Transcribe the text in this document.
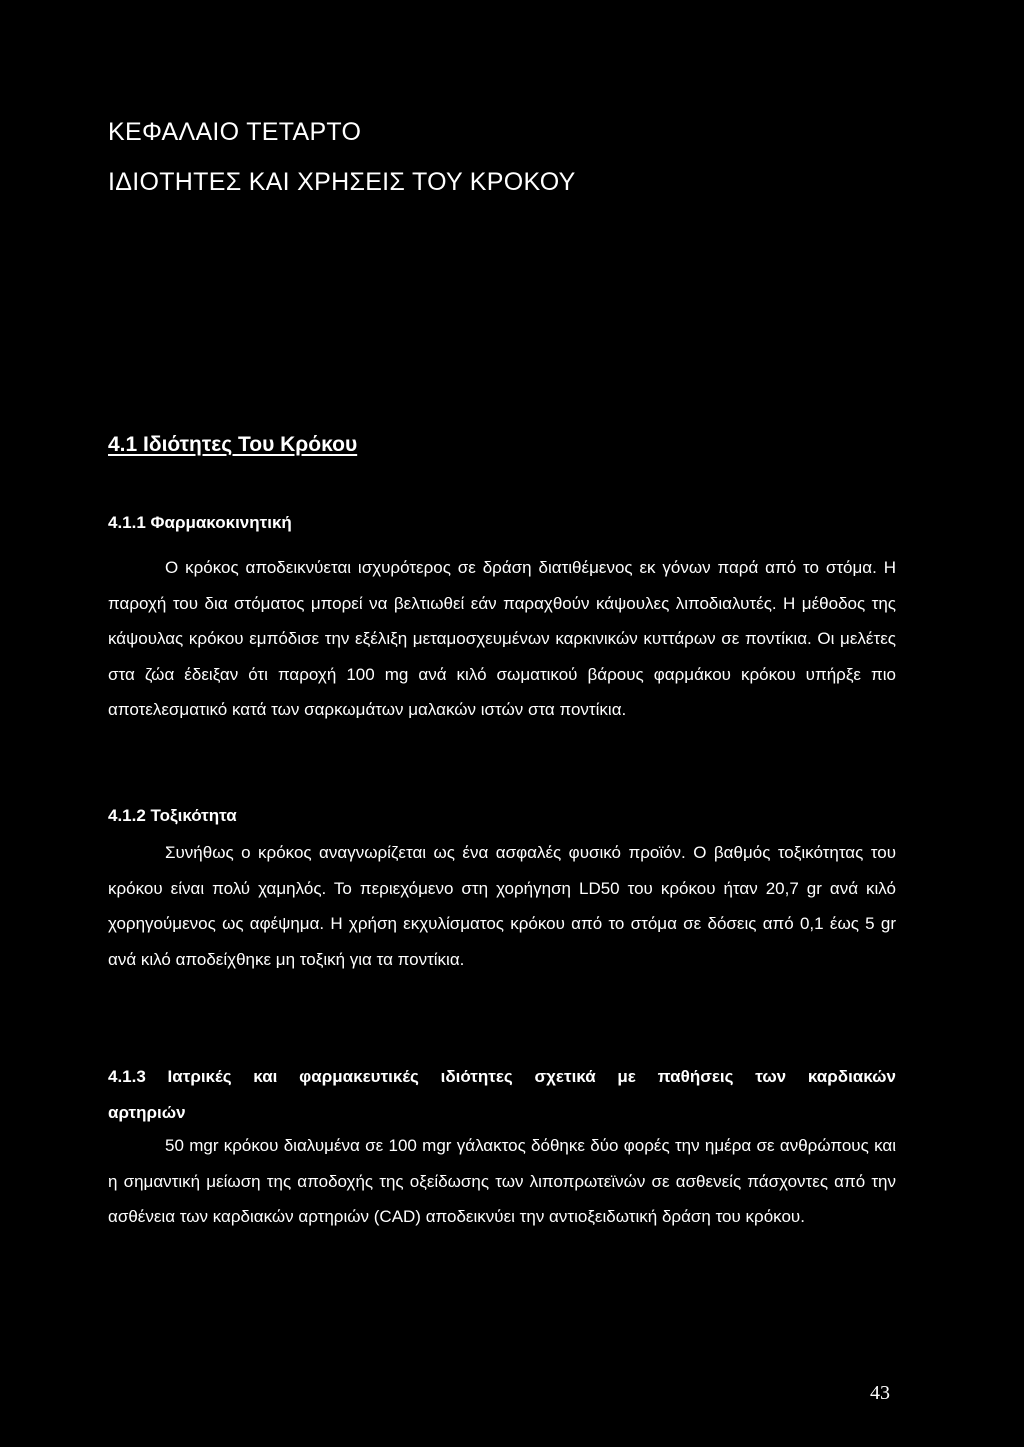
ΚΕΦΑΛΑΙΟ ΤΕΤΑΡΤΟ
ΙΔΙΟΤΗΤΕΣ ΚΑΙ ΧΡΗΣΕΙΣ ΤΟΥ ΚΡΟΚΟΥ
4.1 Ιδιότητες Του Κρόκου
4.1.1 Φαρμακοκινητική
Ο κρόκος αποδεικνύεται ισχυρότερος σε δράση διατιθέμενος εκ γόνων παρά από το στόμα. Η παροχή του δια στόματος μπορεί να βελτιωθεί εάν παραχθούν κάψουλες λιποδιαλυτές. Η μέθοδος της κάψουλας κρόκου εμπόδισε την εξέλιξη μεταμοσχευμένων καρκινικών κυττάρων σε ποντίκια. Οι μελέτες στα ζώα έδειξαν ότι παροχή 100 mg ανά κιλό σωματικού βάρους φαρμάκου κρόκου υπήρξε πιο αποτελεσματικό κατά των σαρκωμάτων μαλακών ιστών στα ποντίκια.
4.1.2 Τοξικότητα
Συνήθως ο κρόκος αναγνωρίζεται ως ένα ασφαλές φυσικό προϊόν. Ο βαθμός τοξικότητας του κρόκου είναι πολύ χαμηλός. Το περιεχόμενο στη χορήγηση LD50 του κρόκου ήταν 20,7 gr ανά κιλό χορηγούμενος ως αφέψημα. Η χρήση εκχυλίσματος κρόκου από το στόμα σε δόσεις από 0,1 έως 5 gr ανά κιλό αποδείχθηκε μη τοξική για τα ποντίκια.
4.1.3 Ιατρικές και φαρμακευτικές ιδιότητες σχετικά με παθήσεις των καρδιακών αρτηριών
50 mgr κρόκου διαλυμένα σε 100 mgr γάλακτος δόθηκε δύο φορές την ημέρα σε ανθρώπους και η σημαντική μείωση της αποδοχής της οξείδωσης των λιποπρωτεϊνών σε ασθενείς πάσχοντες από την ασθένεια των καρδιακών αρτηριών (CAD) αποδεικνύει την αντιοξειδωτική δράση του κρόκου.
43
